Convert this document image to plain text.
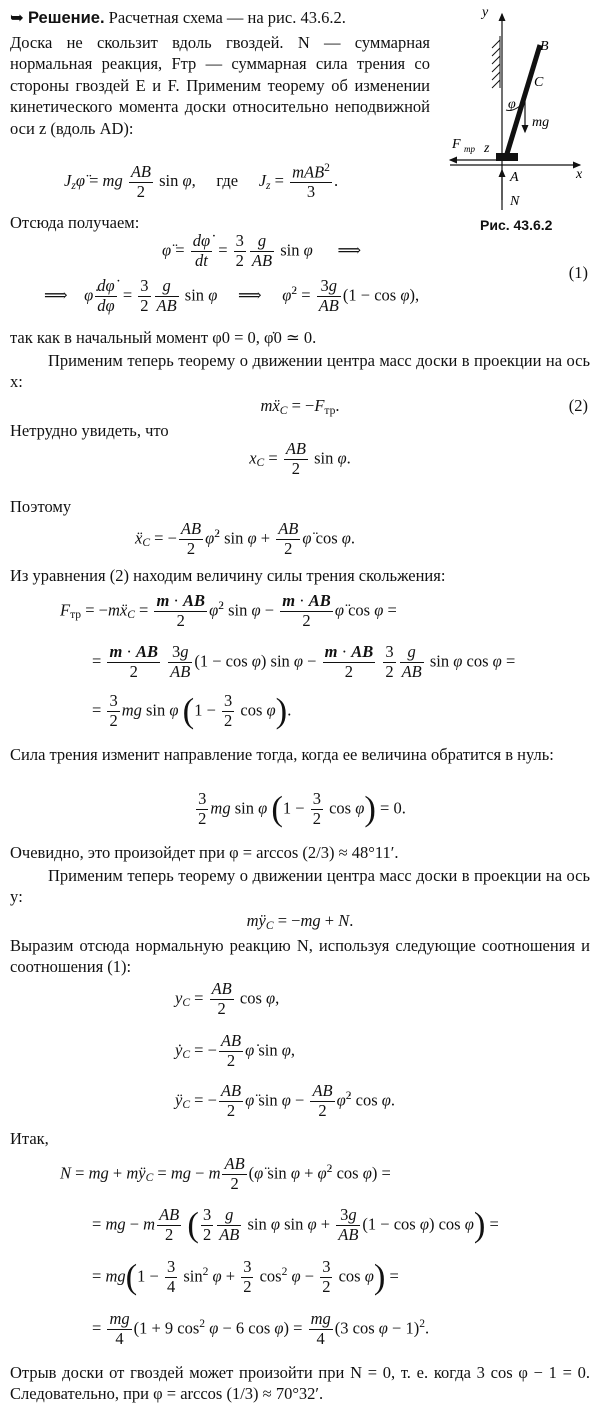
y
x
B
C
φ
mg
F тр z
A
N
Рис. 43.6.2
➥ Решение. Расчетная схема — на рис. 43.6.2.
Доска не скользит вдоль гвоздей. N — суммарная нормальная реакция, Fтр — суммарная сила трения со стороны гвоздей E и F. Применим теорему об изменении кинетического момента доски относительно неподвижной оси z (вдоль AD):
$J_z\varphï$ = mg $\frac{AB}{2}$ sin φ,     где $J_z = mAB^2$
3
.
Отсюда получаем:
φ̈ = $\frac{d\varphi̇}{dt} = \frac{3}{2} \frac{g}{AB}$ sin φ      ⟹
(1)
⟹    φ̇ $\frac{d\varphi̇}{d\varphi} = \frac{3}{2} \frac{g}{AB}$ sin φ     ⟹     φ̇$^2$ = $\frac{3g}{AB} (1 - \cos \varphi)$,
так как в начальный момент φ0 = 0, φ̇0 ≃ 0.
Применим теперь теорему о движении центра масс доски в проекции на ось x:
mẍ$_C$ = $-F_{тр}$.	(2)
Нетрудно увидеть, что
$x_C = \frac{AB}{2}$ sin φ.
Поэтому
ẍ$_C$ = − $\frac{AB}{2}$ φ̇$^2$ $\sin \varphi + \frac{AB}{2}$ φ̈ cos φ.
Из уравнения (2) находим величину силы трения скольжения:
$F_{тр}$ = −mẍ$_C$ = $\frac{m \cdot AB}{2}$ φ̇$^2$ $\sin \varphi - \frac{m \cdot AB}{2}$ φ̈ cos φ =
= $\frac{m \cdot AB}{2}$
$\frac{3g}{AB} (1 - \cos \varphi)$ $\sin \varphi - \frac{m \cdot AB}{2}$
$\frac{3}{2} \frac{g}{AB}$ sin φ cos φ =
= $\frac{3}{2}$ mg sin φ ($1 - \frac{3}{2}$ cos φ).
Сила трения изменит направление тогда, когда ее величина обратится в нуль:
$\frac{3}{2}$ mg sin φ ($1 - \frac{3}{2}$ cos φ) = 0.
Очевидно, это произойдет при φ = arccos (2/3) ≈ 48°11′.
Применим теперь теорему о движении центра масс доски в проекции на ось y:
$mÿ_C = -mg + N$.
Выразим отсюда нормальную реакцию N, используя следующие соотношения и соотношения (1):
$y_C = \frac{AB}{2}$ cos φ,
ẏ$_C$ = − $\frac{AB}{2}$ φ̇ sin φ,
$ÿ_C$ = − $\frac{AB}{2}$ φ̈ $\sin \varphi - \frac{AB}{2}$ φ̇$^2$ cos φ.
Итак,
N = mg + $mÿ_C$ = mg − m $\frac{AB}{2}$ (φ̈ sin φ + φ̇$^2$ cos φ) =
= mg − m $\frac{AB}{2}$ ( $\frac{3}{2} \frac{g}{AB}$ sin φ $\sin \varphi + \frac{3g}{AB} (1 - \cos \varphi)$ cos φ) =
= $mg(1 - \frac{3}{4} \sin^2 \varphi + \frac{3}{2} \cos^2 \varphi - \frac{3}{2}$ cos φ) =
= $\frac{mg}{4} (1 + 9$ $\cos^2 \varphi - 6$ $\cos \varphi) = \frac{mg}{4} (3$ cos φ − 1)$^2$.
Отрыв доски от гвоздей может произойти при N = 0, т. е. когда 3 cos φ − 1 = 0. Следовательно, при φ = arccos (1/3) ≈ 70°32′.
